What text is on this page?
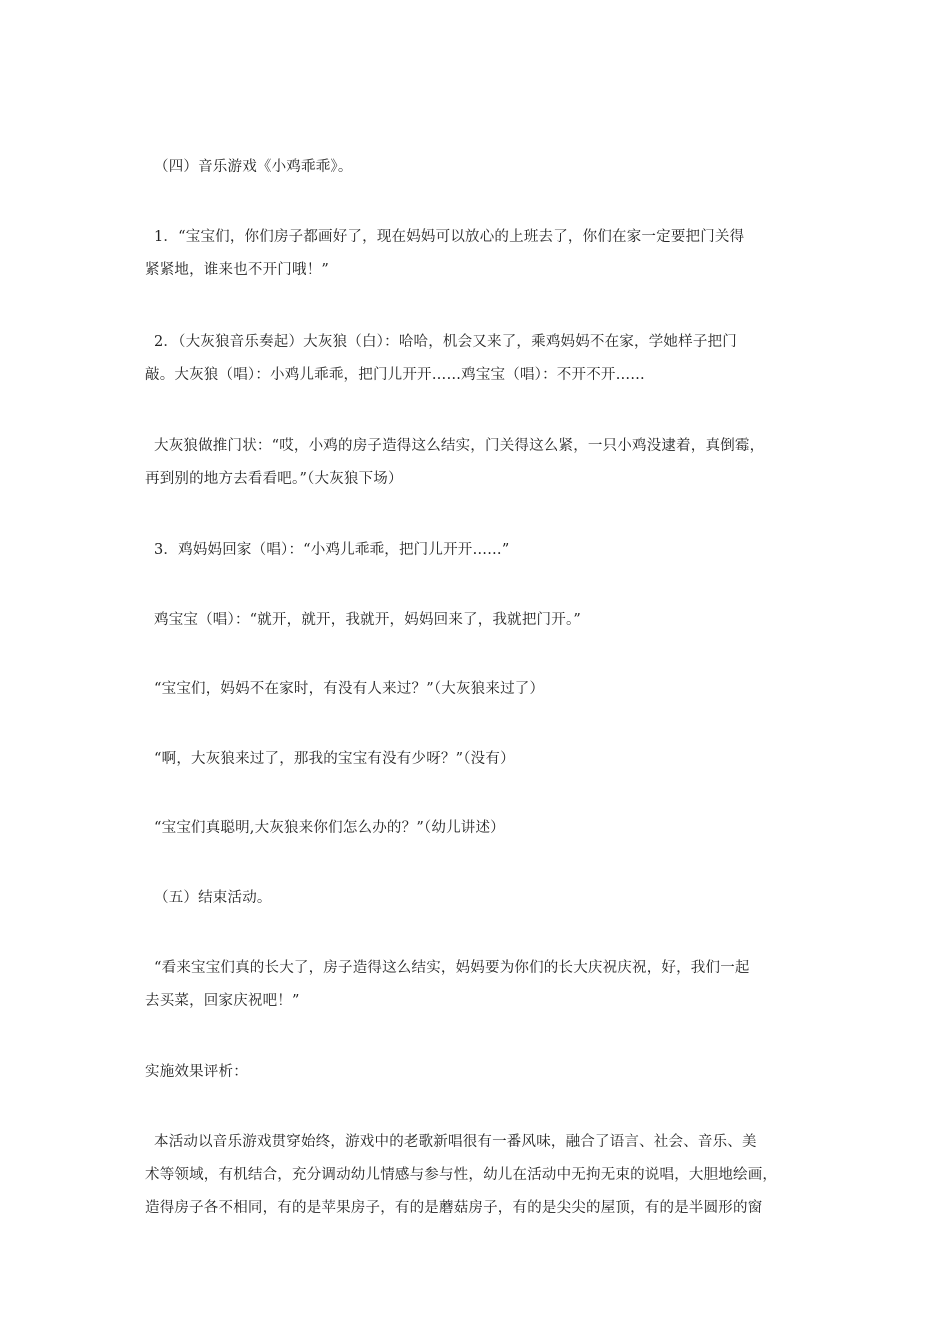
（四）音乐游戏《小鸡乖乖》。

1．“宝宝们，你们房子都画好了，现在妈妈可以放心的上班去了，你们在家一定要把门关得
紧紧地，谁来也不开门哦！”

2．（大灰狼音乐奏起）大灰狼（白）：哈哈，机会又来了，乘鸡妈妈不在家，学她样子把门
敲。大灰狼（唱）：小鸡儿乖乖，把门儿开开……鸡宝宝（唱）：不开不开……

大灰狼做推门状：“哎，小鸡的房子造得这么结实，门关得这么紧，一只小鸡没逮着，真倒霉，
再到别的地方去看看吧。”（大灰狼下场）

3．鸡妈妈回家（唱）：“小鸡儿乖乖，把门儿开开……”

鸡宝宝（唱）：“就开，就开，我就开，妈妈回来了，我就把门开。”

“宝宝们，妈妈不在家时，有没有人来过？”（大灰狼来过了）

“啊，大灰狼来过了，那我的宝宝有没有少呀？”（没有）

“宝宝们真聪明,大灰狼来你们怎么办的？”（幼儿讲述）

（五）结束活动。

“看来宝宝们真的长大了，房子造得这么结实，妈妈要为你们的长大庆祝庆祝，好，我们一起
去买菜，回家庆祝吧！”

实施效果评析：

本活动以音乐游戏贯穿始终，游戏中的老歌新唱很有一番风味，融合了语言、社会、音乐、美
术等领域，有机结合，充分调动幼儿情感与参与性，幼儿在活动中无拘无束的说唱，大胆地绘画，
造得房子各不相同，有的是苹果房子，有的是蘑菇房子，有的是尖尖的屋顶，有的是半圆形的窗
